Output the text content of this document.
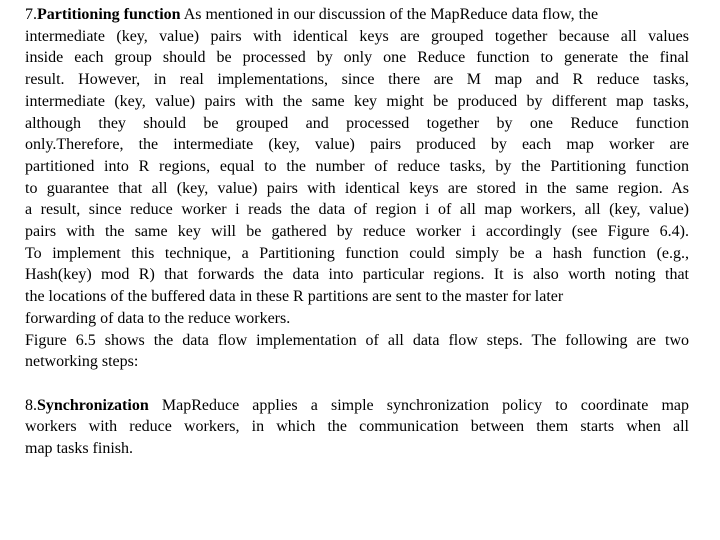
7.Partitioning function As mentioned in our discussion of the MapReduce data flow, the
intermediate (key, value) pairs with identical keys are grouped together because all values
inside each group should be processed by only one Reduce function to generate the final
result. However, in real implementations, since there are M map and R reduce tasks,
intermediate (key, value) pairs with the same key might be produced by different map tasks,
although they should be grouped and processed together by one Reduce function
only.Therefore, the intermediate (key, value) pairs produced by each map worker are
partitioned into R regions, equal to the number of reduce tasks, by the Partitioning function
to guarantee that all (key, value) pairs with identical keys are stored in the same region. As
a result, since reduce worker i reads the data of region i of all map workers, all (key, value)
pairs with the same key will be gathered by reduce worker i accordingly (see Figure 6.4).
To implement this technique, a Partitioning function could simply be a hash function (e.g.,
Hash(key) mod R) that forwards the data into particular regions. It is also worth noting that
the locations of the buffered data in these R partitions are sent to the master for later
forwarding of data to the reduce workers.
Figure 6.5 shows the data flow implementation of all data flow steps. The following are two
networking steps:
8.Synchronization MapReduce applies a simple synchronization policy to coordinate map
workers with reduce workers, in which the communication between them starts when all
map tasks finish.
